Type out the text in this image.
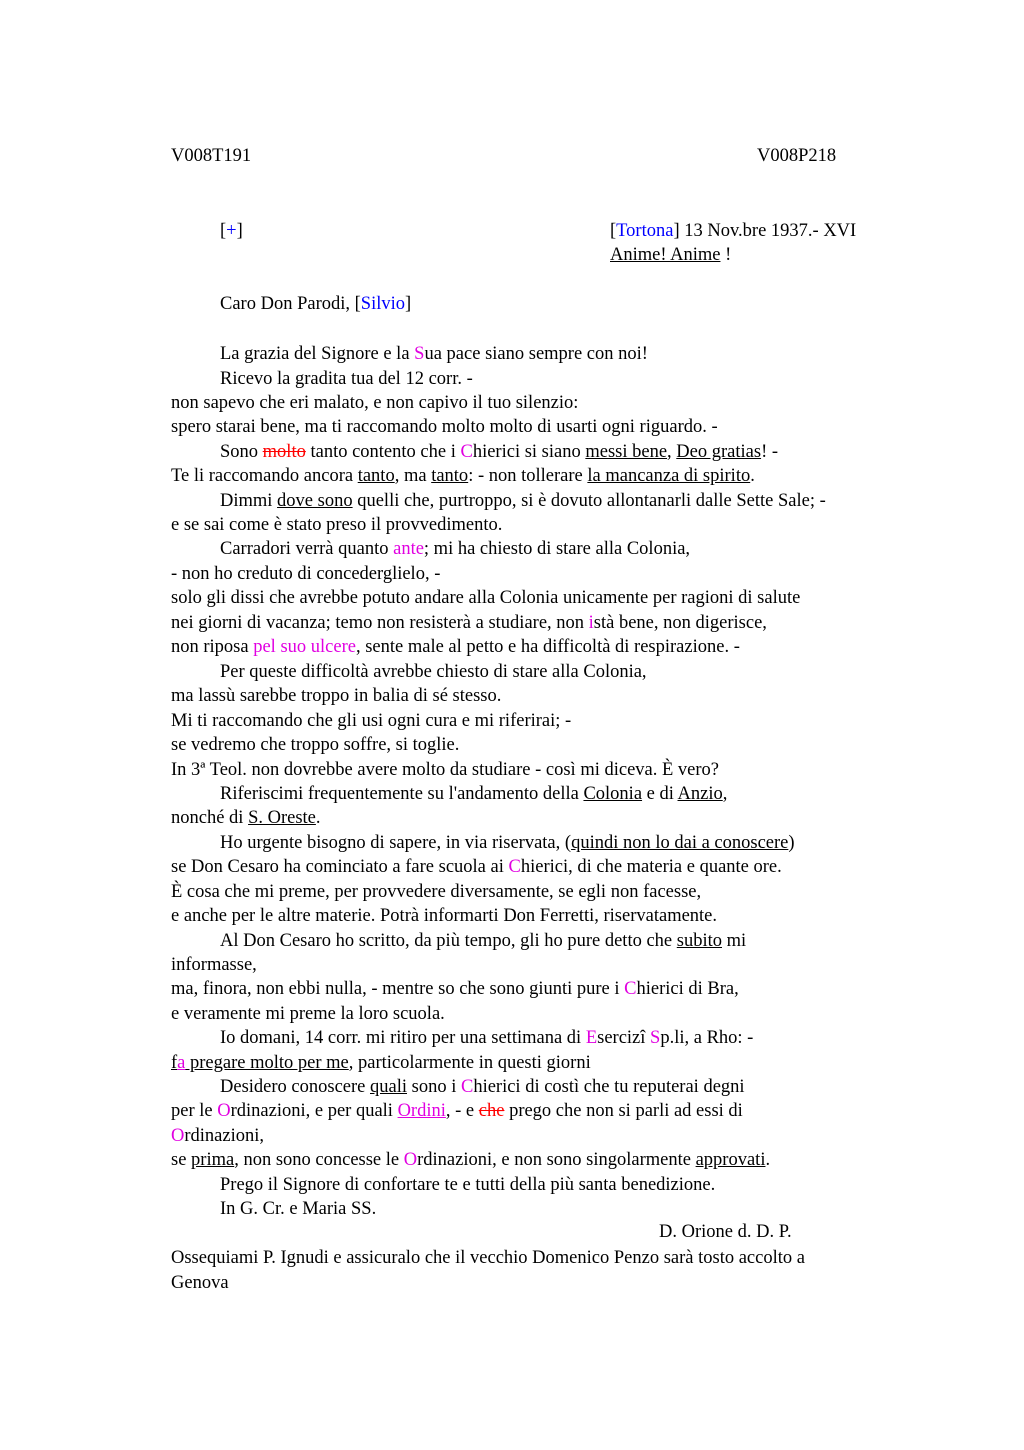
V008T191	V008P218
[+]	[Tortona] 13 Nov.bre 1937.- XVI
Anime! Anime !
Caro Don Parodi, [Silvio]
La grazia del Signore e la Sua pace siano sempre con noi!
Ricevo la gradita tua del 12 corr. -
non sapevo che eri malato, e non capivo il tuo silenzio:
spero starai bene, ma ti raccomando molto molto di usarti ogni riguardo. -
Sono molto tanto contento che i Chierici si siano messi bene, Deo gratias! -
Te li raccomando ancora tanto, ma tanto: - non tollerare la mancanza di spirito.
Dimmi dove sono quelli che, purtroppo, si è dovuto allontanarli dalle Sette Sale; -
e se sai come è stato preso il provvedimento.
Carradori verrà quanto ante; mi ha chiesto di stare alla Colonia,
- non ho creduto di concedergliel​o, -
solo gli dissi che avrebbe potuto andare alla Colonia unicamente per ragioni di salute
nei giorni di vacanza; temo non resisterà a studiare, non istà bene, non digerisce,
non riposa pel suo ulcere, sente male al petto e ha difficoltà di respirazione. -
Per queste difficoltà avrebbe chiesto di stare alla Colonia,
ma lassù sarebbe troppo in balia di sé stesso.
Mi ti raccomando che gli usi ogni cura e mi riferirai; -
se vedremo che troppo soffre, si toglie.
In 3ª Teol. non dovrebbe avere molto da studiare - così mi diceva. È vero?
Riferiscimi frequentemente su l'andamento della Colonia e di Anzio,
nonché di S. Oreste.
Ho urgente bisogno di sapere, in via riservata, (quindi non lo dai a conoscere)
se Don Cesaro ha cominciato a fare scuola ai Chierici, di che materia e quante ore.
È cosa che mi preme, per provvedere diversamente, se egli non facesse,
e anche per le altre materie. Potrà informarti Don Ferretti, riservatamente.
Al Don Cesaro ho scritto, da più tempo, gli ho pure detto che subito mi
informasse,
ma, finora, non ebbi nulla, - mentre so che sono giunti pure i Chierici di Bra,
e veramente mi preme la loro scuola.
Io domani, 14 corr. mi ritiro per una settimana di Esercizî Sp.li, a Rho: -
fa pregare molto per me, particolarmente in questi giorni
Desidero conoscere quali sono i Chierici di costì che tu reputerai degni
per le Ordinazioni, e per quali Ordini, - e che prego che non si parli ad essi di
Ordinazioni,
se prima, non sono concesse le Ordinazioni, e non sono singolarmente approvati.
Prego il Signore di confortare te e tutti della più santa benedizione.
In G. Cr. e Maria SS.
D. Orione d. D. P.
Ossequiami P. Ignudi e assicuralo che il vecchio Domenico Penzo sarà tosto accolto a
Genova
